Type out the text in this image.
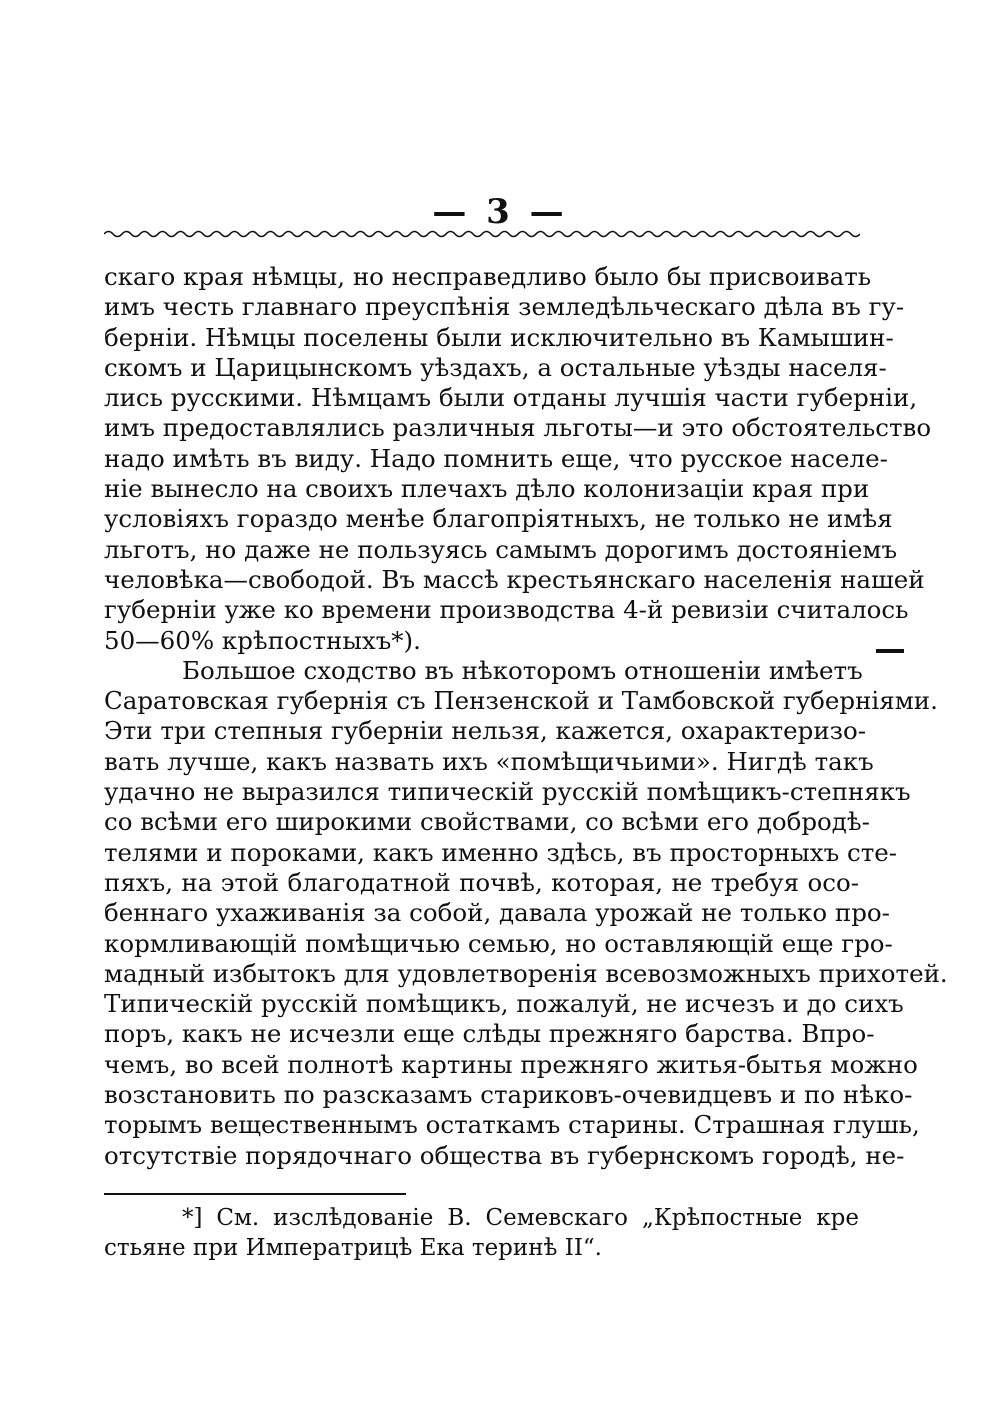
— 3 —
скаго края нѣмцы, но несправедливо было бы присвоивать
имъ честь главнаго преуспѣнія земледѣльческаго дѣла въ гу-
берніи. Нѣмцы поселены были исключительно въ Камышин-
скомъ и Царицынскомъ уѣздахъ, а остальные уѣзды населя-
лись русскими. Нѣмцамъ были отданы лучшія части губерніи,
имъ предоставлялись различныя льготы—и это обстоятельство
надо имѣть въ виду. Надо помнить еще, что русское населе-
ніе вынесло на своихъ плечахъ дѣло колонизаціи края при
условіяхъ гораздо менѣе благопріятныхъ, не только не имѣя
льготъ, но даже не пользуясь самымъ дорогимъ достояніемъ
человѣка—свободой. Въ массѣ крестьянскаго населенія нашей
губерніи уже ко времени производства 4-й ревизіи считалось
50—60% крѣпостныхъ*).
Большое сходство въ нѣкоторомъ отношеніи имѣетъ
Саратовская губернія съ Пензенской и Тамбовской губерніями.
Эти три степныя губерніи нельзя, кажется, охарактеризо-
вать лучше, какъ назвать ихъ «помѣщичьими». Нигдѣ такъ
удачно не выразился типическій русскій помѣщикъ-степнякъ
со всѣми его широкими свойствами, со всѣми его добродѣ-
телями и пороками, какъ именно здѣсь, въ просторныхъ сте-
пяхъ, на этой благодатной почвѣ, которая, не требуя осо-
беннаго ухаживанія за собой, давала урожай не только про-
кормливающій помѣщичью семью, но оставляющій еще гро-
мадный избытокъ для удовлетворенія всевозможныхъ прихотей.
Типическій русскій помѣщикъ, пожалуй, не исчезъ и до сихъ
поръ, какъ не исчезли еще слѣды прежняго барства. Впро-
чемъ, во всей полнотѣ картины прежняго житья-бытья можно
возстановить по разсказамъ стариковъ-очевидцевъ и по нѣко-
торымъ вещественнымъ остаткамъ старины. Страшная глушь,
отсутствіе порядочнаго общества въ губернскомъ городѣ, не-
*] См. изслѣдованіе В. Семевскаго „Крѣпостные кре
стьяне при Императрицѣ Ека теринѣ II“.
